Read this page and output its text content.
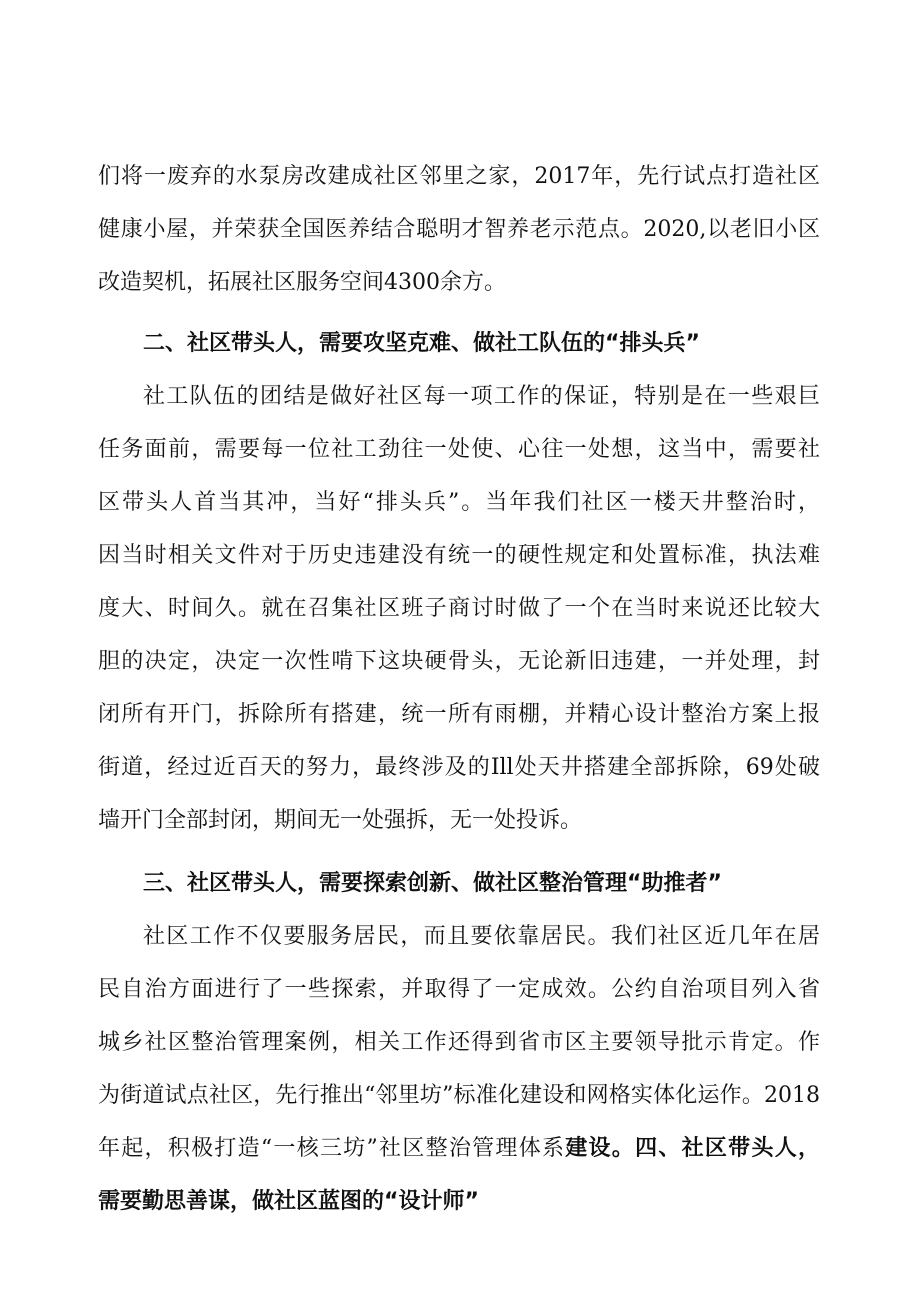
们将一废弃的水泵房改建成社区邻里之家，2017年，先行试点打造社区
健康小屋，并荣获全国医养结合聪明才智养老示范点。2020,以老旧小区
改造契机，拓展社区服务空间4300余方。
二、社区带头人，需要攻坚克难、做社工队伍的“排头兵”
社工队伍的团结是做好社区每一项工作的保证，特别是在一些艰巨
任务面前，需要每一位社工劲往一处使、心往一处想，这当中，需要社
区带头人首当其冲，当好“排头兵”。当年我们社区一楼天井整治时，
因当时相关文件对于历史违建没有统一的硬性规定和处置标准，执法难
度大、时间久。就在召集社区班子商讨时做了一个在当时来说还比较大
胆的决定，决定一次性啃下这块硬骨头，无论新旧违建，一并处理，封
闭所有开门，拆除所有搭建，统一所有雨棚，并精心设计整治方案上报
街道，经过近百天的努力，最终涉及的Ill处天井搭建全部拆除，69处破
墙开门全部封闭，期间无一处强拆，无一处投诉。
三、社区带头人，需要探索创新、做社区整治管理“助推者”
社区工作不仅要服务居民，而且要依靠居民。我们社区近几年在居
民自治方面进行了一些探索，并取得了一定成效。公约自治项目列入省
城乡社区整治管理案例，相关工作还得到省市区主要领导批示肯定。作
为街道试点社区，先行推出“邻里坊”标准化建设和网格实体化运作。2018
年起，积极打造“一核三坊”社区整治管理体系建设。四、社区带头人，
需要勤思善谋，做社区蓝图的“设计师”
